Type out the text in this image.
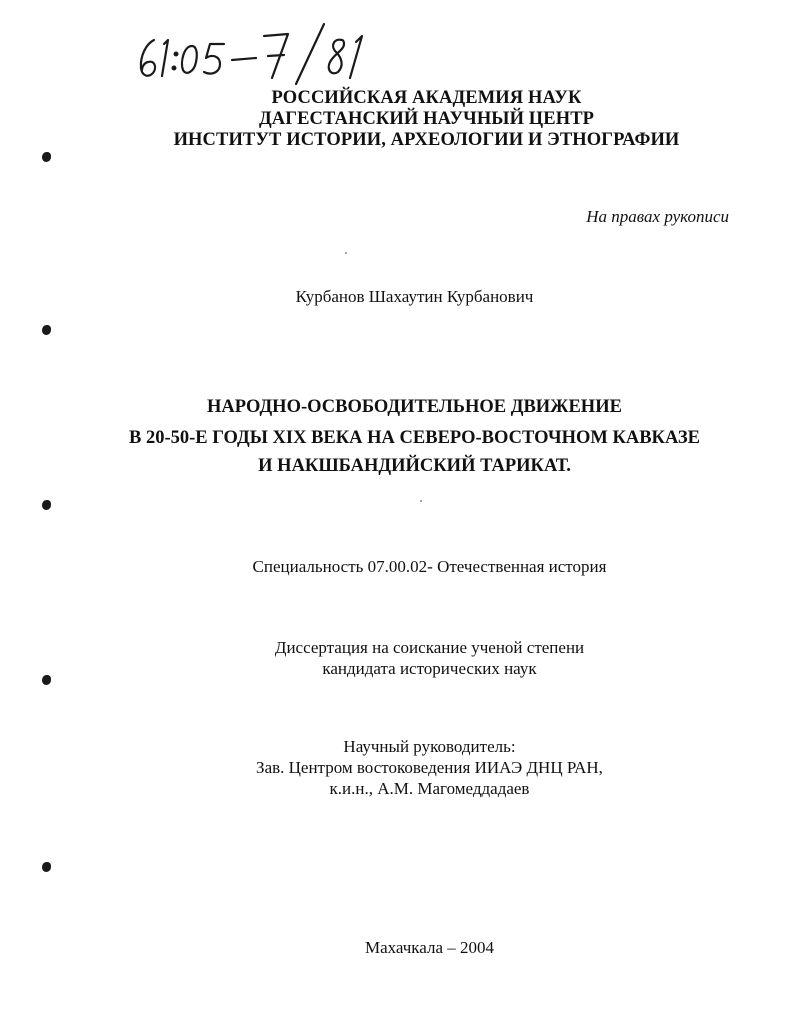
РОССИЙСКАЯ АКАДЕМИЯ НАУК
ДАГЕСТАНСКИЙ НАУЧНЫЙ ЦЕНТР
ИНСТИТУТ ИСТОРИИ, АРХЕОЛОГИИ И ЭТНОГРАФИИ
На правах рукописи
Курбанов Шахаутин Курбанович
НАРОДНО-ОСВОБОДИТЕЛЬНОЕ ДВИЖЕНИЕ
В 20-50-Е ГОДЫ XIX ВЕКА НА СЕВЕРО-ВОСТОЧНОМ КАВКАЗЕ
И НАКШБАНДИЙСКИЙ ТАРИКАТ.
Специальность 07.00.02- Отечественная история
Диссертация на соискание ученой степени
кандидата исторических наук
Научный руководитель:
Зав. Центром востоковедения ИИАЭ ДНЦ РАН,
к.и.н., А.М. Магомеддадаев
Махачкала – 2004
